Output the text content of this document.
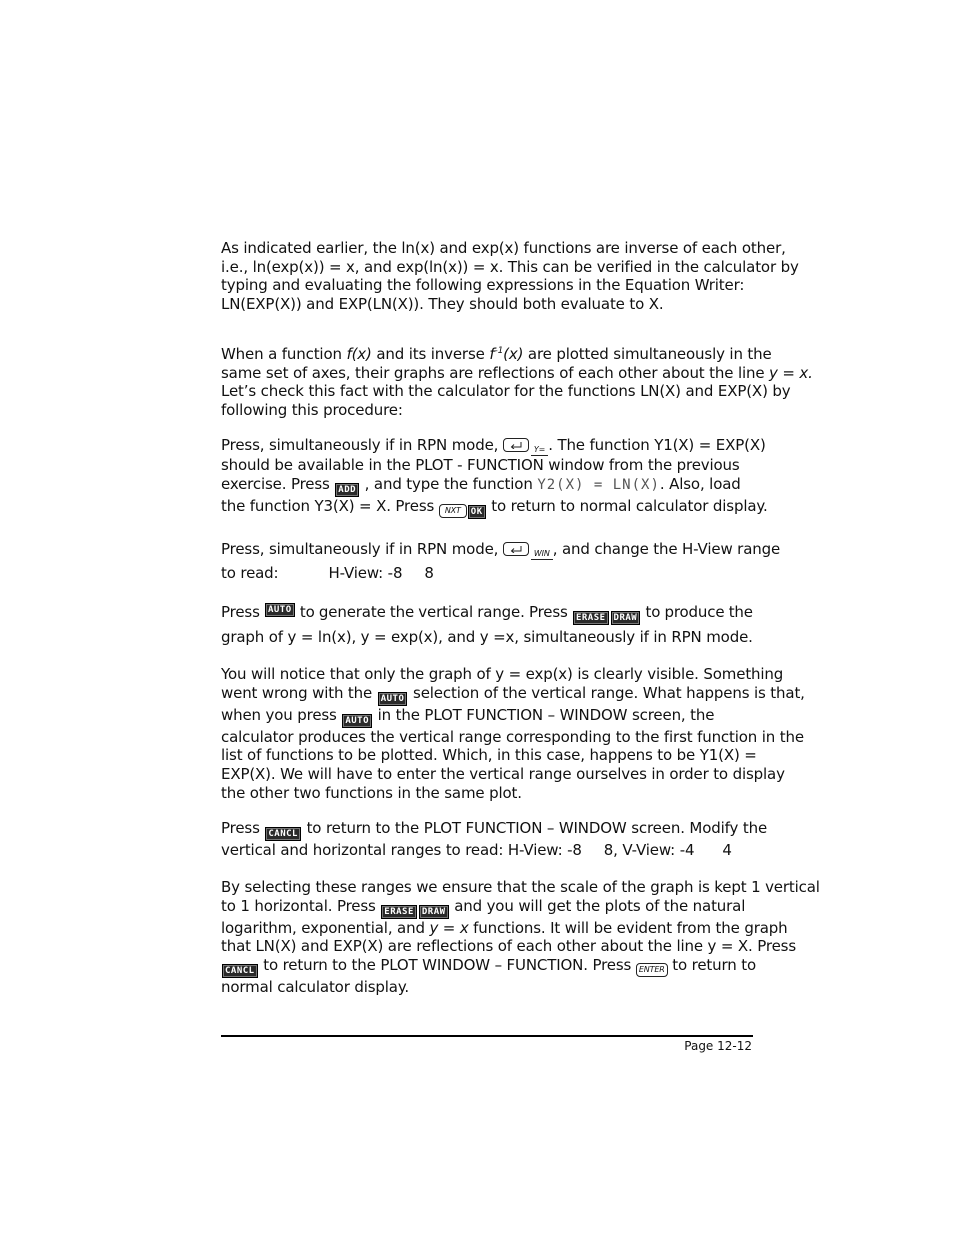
As indicated earlier, the ln(x) and exp(x) functions are inverse of each other,
i.e., ln(exp(x)) = x, and exp(ln(x)) = x. This can be verified in the calculator by
typing and evaluating the following expressions in the Equation Writer:
LN(EXP(X)) and EXP(LN(X)). They should both evaluate to X.
When a function f(x) and its inverse $f^{-1}(x)$ are plotted simultaneously in the
same set of axes, their graphs are reflections of each other about the line y = x.
Let’s check this fact with the calculator for the functions LN(X) and EXP(X) by
following this procedure:
Press, simultaneously if in RPN mode,	Y= . The function Y1(X) = EXP(X)
should be available in the PLOT - FUNCTION window from the previous
exercise. Press ADD , and type the function Y2(X) = LN(X). Also, load
the function Y3(X) = X. Press NXT OK to return to normal calculator display.
Press, simultaneously if in RPN mode,	WIN , and change the H-View range
to read:	H-View: -8 8
Press AUTO to generate the vertical range. Press ERASE DRAW to produce the
graph of y = ln(x), y = exp(x), and y =x, simultaneously if in RPN mode.
You will notice that only the graph of y = exp(x) is clearly visible. Something
went wrong with the AUTO selection of the vertical range. What happens is that,
when you press AUTO in the PLOT FUNCTION – WINDOW screen, the
calculator produces the vertical range corresponding to the first function in the
list of functions to be plotted. Which, in this case, happens to be Y1(X) =
EXP(X). We will have to enter the vertical range ourselves in order to display
the other two functions in the same plot.
Press CANCL to return to the PLOT FUNCTION – WINDOW screen. Modify the
vertical and horizontal ranges to read: H-View: -8 8, V-View: -4 4
By selecting these ranges we ensure that the scale of the graph is kept 1 vertical
to 1 horizontal. Press ERASE DRAW and you will get the plots of the natural
logarithm, exponential, and y = x functions. It will be evident from the graph
that LN(X) and EXP(X) are reflections of each other about the line y = X. Press
CANCL to return to the PLOT WINDOW – FUNCTION. Press ENTER to return to
normal calculator display.
Page 12-12
